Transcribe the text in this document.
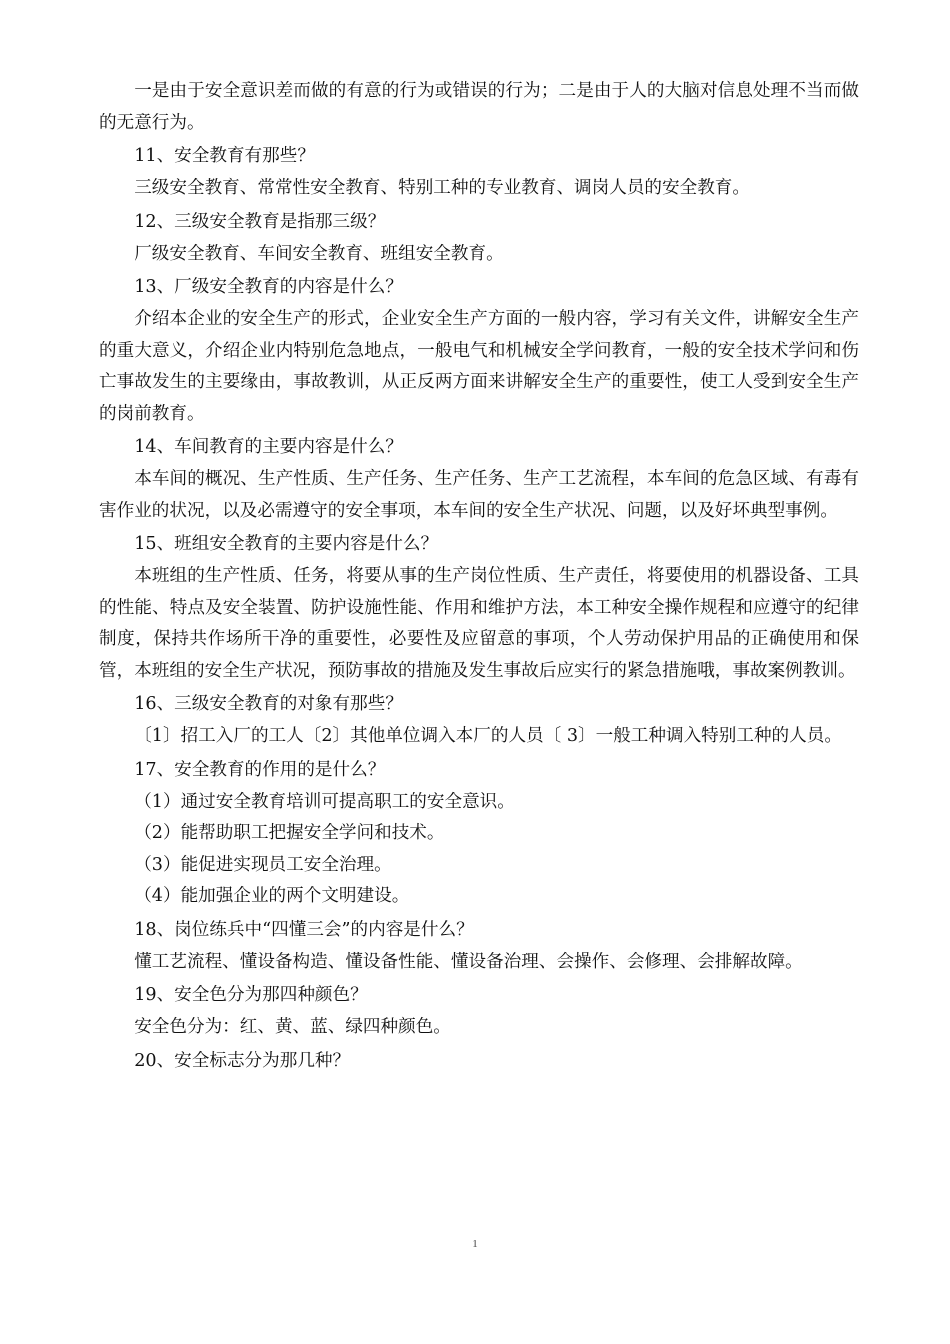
一是由于安全意识差而做的有意的行为或错误的行为；二是由于人的大脑对信息处理不当而做的无意行为。

11、安全教育有那些？

三级安全教育、常常性安全教育、特别工种的专业教育、调岗人员的安全教育。

12、三级安全教育是指那三级？

厂级安全教育、车间安全教育、班组安全教育。

13、厂级安全教育的内容是什么？

介绍本企业的安全生产的形式，企业安全生产方面的一般内容，学习有关文件，讲解安全生产的重大意义，介绍企业内特别危急地点，一般电气和机械安全学问教育，一般的安全技术学问和伤亡事故发生的主要缘由，事故教训，从正反两方面来讲解安全生产的重要性，使工人受到安全生产的岗前教育。

14、车间教育的主要内容是什么？

本车间的概况、生产性质、生产任务、生产任务、生产工艺流程，本车间的危急区域、有毒有害作业的状况，以及必需遵守的安全事项，本车间的安全生产状况、问题，以及好坏典型事例。

15、班组安全教育的主要内容是什么？

本班组的生产性质、任务，将要从事的生产岗位性质、生产责任，将要使用的机器设备、工具的性能、特点及安全装置、防护设施性能、作用和维护方法，本工种安全操作规程和应遵守的纪律制度，保持共作场所干净的重要性，必要性及应留意的事项，个人劳动保护用品的正确使用和保管，本班组的安全生产状况，预防事故的措施及发生事故后应实行的紧急措施哦，事故案例教训。

16、三级安全教育的对象有那些？

〔1〕招工入厂的工人〔2〕其他单位调入本厂的人员〔 3〕一般工种调入特别工种的人员。

17、安全教育的作用的是什么？

（1）通过安全教育培训可提高职工的安全意识。

（2）能帮助职工把握安全学问和技术。

（3）能促进实现员工安全治理。

（4）能加强企业的两个文明建设。

18、岗位练兵中“四懂三会”的内容是什么？

懂工艺流程、懂设备构造、懂设备性能、懂设备治理、会操作、会修理、会排解故障。

19、安全色分为那四种颜色？

安全色分为：红、黄、蓝、绿四种颜色。

20、安全标志分为那几种？

1
